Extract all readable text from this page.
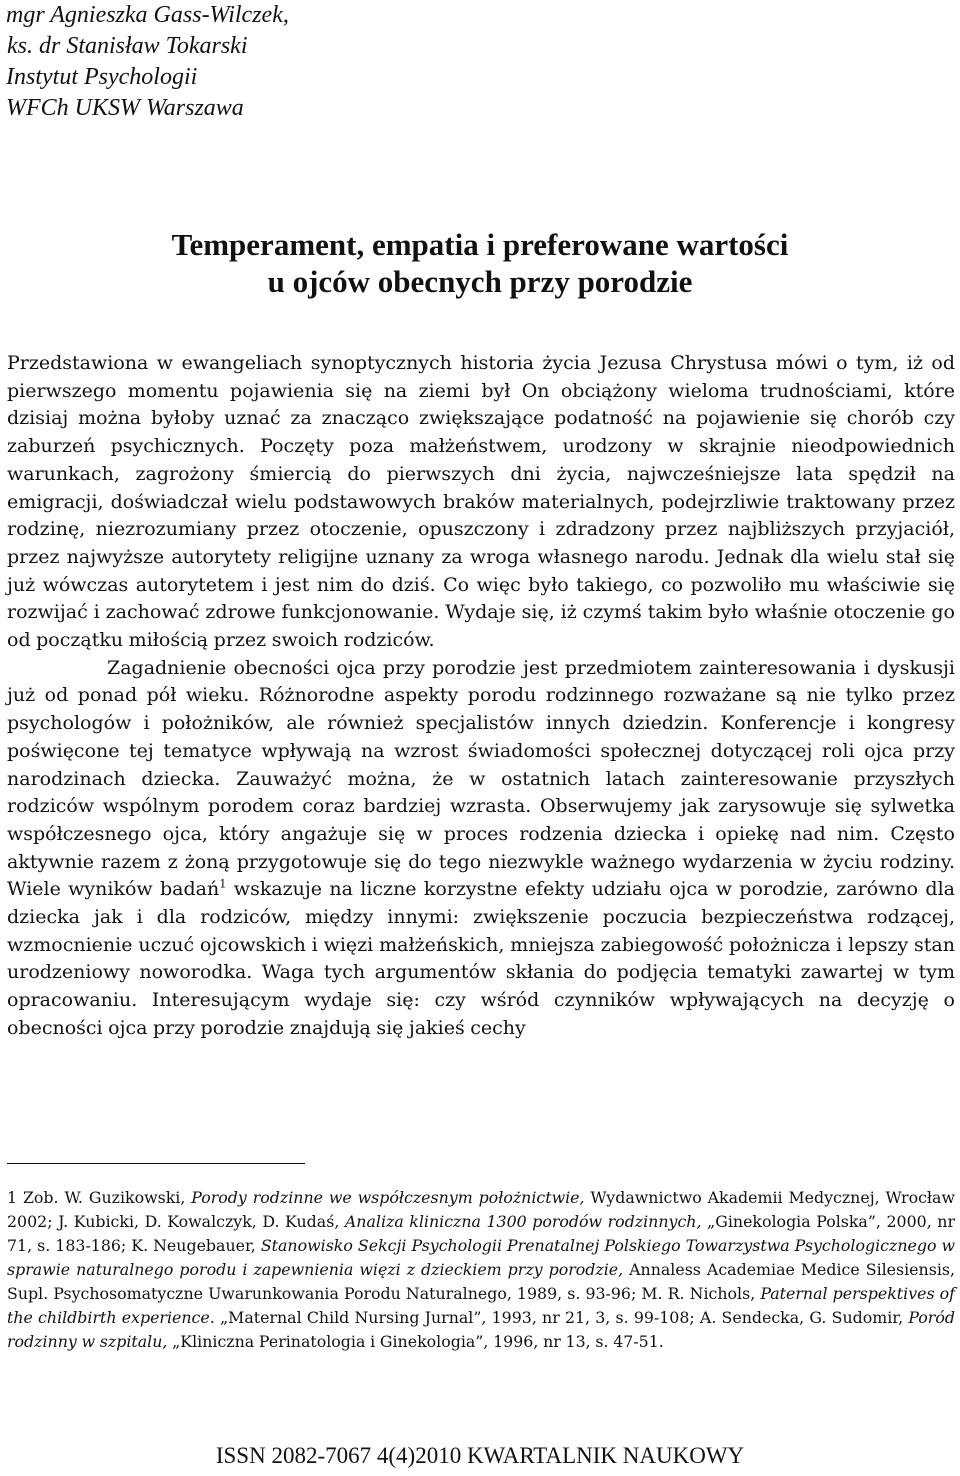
mgr Agnieszka Gass-Wilczek,
ks. dr Stanisław Tokarski
Instytut Psychologii
WFCh UKSW Warszawa
Temperament, empatia i preferowane wartości
u ojców obecnych przy porodzie

Przedstawiona w ewangeliach synoptycznych historia życia Jezusa Chrystusa mówi o tym, iż od pierwszego momentu pojawienia się na ziemi był On obciążony wieloma trudnościami, które dzisiaj można byłoby uznać za znacząco zwiększające podatność na pojawienie się chorób czy zaburzeń psychicznych. Poczęty poza małżeństwem, urodzony w skrajnie nieodpowiednich warunkach, zagrożony śmiercią do pierwszych dni życia, najwcześniejsze lata spędził na emigracji, doświadczał wielu podstawowych braków materialnych, podejrzliwie traktowany przez rodzinę, niezrozumiany przez otoczenie, opuszczony i zdradzony przez najbliższych przyjaciół, przez najwyższe autorytety religijne uznany za wroga własnego narodu. Jednak dla wielu stał się już wówczas autorytetem i jest nim do dziś. Co więc było takiego, co pozwoliło mu właściwie się rozwijać i zachować zdrowe funkcjonowanie. Wydaje się, iż czymś takim było właśnie otoczenie go od początku miłością przez swoich rodziców.

Zagadnienie obecności ojca przy porodzie jest przedmiotem zainteresowania i dyskusji już od ponad pół wieku. Różnorodne aspekty porodu rodzinnego rozważane są nie tylko przez psychologów i położników, ale również specjalistów innych dziedzin. Konferencje i kongresy poświęcone tej tematyce wpływają na wzrost świadomości społecznej dotyczącej roli ojca przy narodzinach dziecka. Zauważyć można, że w ostatnich latach zainteresowanie przyszłych rodziców wspólnym porodem coraz bardziej wzrasta. Obserwujemy jak zarysowuje się sylwetka współczesnego ojca, który angażuje się w proces rodzenia dziecka i opiekę nad nim. Często aktywnie razem z żoną przygotowuje się do tego niezwykle ważnego wydarzenia w życiu rodziny. Wiele wyników badań$^1$ wskazuje na liczne korzystne efekty udziału ojca w porodzie, zarówno dla dziecka jak i dla rodziców, między innymi: zwiększenie poczucia bezpieczeństwa rodzącej, wzmocnienie uczuć ojcowskich i więzi małżeńskich, mniejsza zabiegowość położnicza i lepszy stan urodzeniowy noworodka. Waga tych argumentów skłania do podjęcia tematyki zawartej w tym opracowaniu. Interesującym wydaje się: czy wśród czynników wpływających na decyzję o obecności ojca przy porodzie znajdują się jakieś cechy

1 Zob. W. Guzikowski, Porody rodzinne we współczesnym położnictwie, Wydawnictwo Akademii Medycznej, Wrocław 2002; J. Kubicki, D. Kowalczyk, D. Kudaś, Analiza kliniczna 1300 porodów rodzinnych, „Ginekologia Polska”, 2000, nr 71, s. 183-186; K. Neugebauer, Stanowisko Sekcji Psychologii Prenatalnej Polskiego Towarzystwa Psychologicznego w sprawie naturalnego porodu i zapewnienia więzi z dzieckiem przy porodzie, Annaless Academiae Medice Silesiensis, Supl. Psychosomatyczne Uwarunkowania Porodu Naturalnego, 1989, s. 93-96; M. R. Nichols, Paternal perspektives of the childbirth experience. „Maternal Child Nursing Jurnal”, 1993, nr 21, 3, s. 99-108; A. Sendecka, G. Sudomir, Poród rodzinny w szpitalu, „Kliniczna Perinatologia i Ginekologia”, 1996, nr 13, s. 47-51.

ISSN 2082-7067 4(4)2010 KWARTALNIK NAUKOWY
